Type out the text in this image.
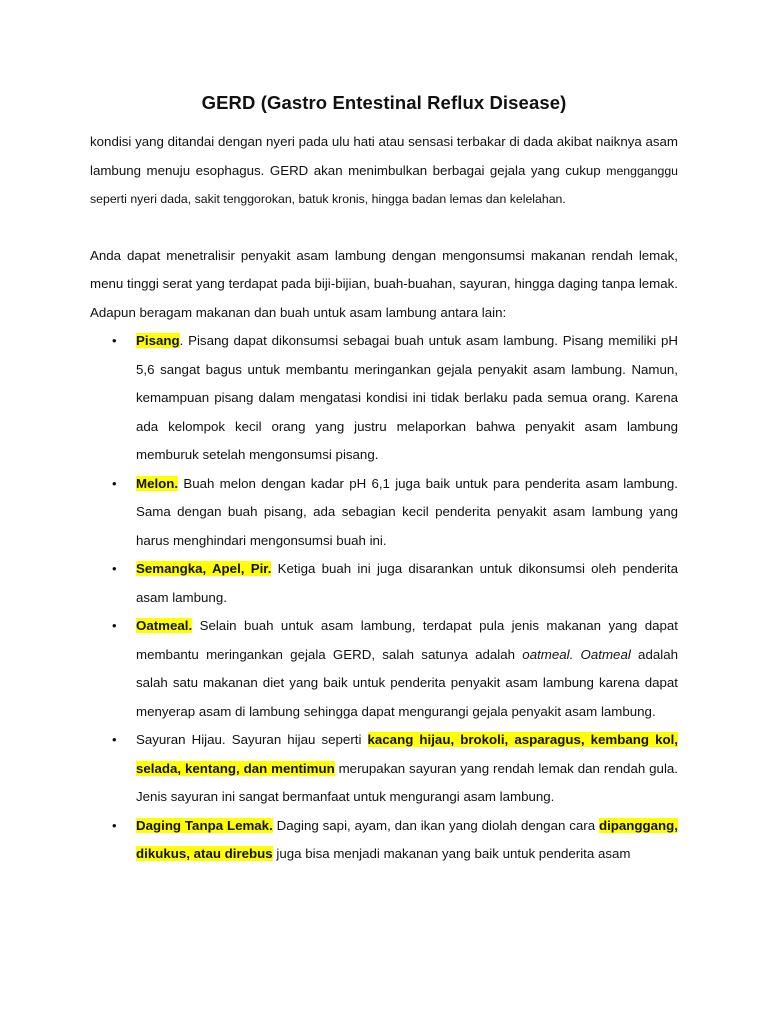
GERD (Gastro Entestinal Reflux Disease)

kondisi yang ditandai dengan nyeri pada ulu hati atau sensasi terbakar di dada akibat naiknya asam lambung menuju esophagus. GERD akan menimbulkan berbagai gejala yang cukup mengganggu seperti nyeri dada, sakit tenggorokan, batuk kronis, hingga badan lemas dan kelelahan.

Anda dapat menetralisir penyakit asam lambung dengan mengonsumsi makanan rendah lemak, menu tinggi serat yang terdapat pada biji-bijian, buah-buahan, sayuran, hingga daging tanpa lemak. Adapun beragam makanan dan buah untuk asam lambung antara lain:

• Pisang. Pisang dapat dikonsumsi sebagai buah untuk asam lambung. Pisang memiliki pH 5,6 sangat bagus untuk membantu meringankan gejala penyakit asam lambung. Namun, kemampuan pisang dalam mengatasi kondisi ini tidak berlaku pada semua orang. Karena ada kelompok kecil orang yang justru melaporkan bahwa penyakit asam lambung memburuk setelah mengonsumsi pisang.
• Melon. Buah melon dengan kadar pH 6,1 juga baik untuk para penderita asam lambung. Sama dengan buah pisang, ada sebagian kecil penderita penyakit asam lambung yang harus menghindari mengonsumsi buah ini.
• Semangka, Apel, Pir. Ketiga buah ini juga disarankan untuk dikonsumsi oleh penderita asam lambung.
• Oatmeal. Selain buah untuk asam lambung, terdapat pula jenis makanan yang dapat membantu meringankan gejala GERD, salah satunya adalah oatmeal. Oatmeal adalah salah satu makanan diet yang baik untuk penderita penyakit asam lambung karena dapat menyerap asam di lambung sehingga dapat mengurangi gejala penyakit asam lambung.
• Sayuran Hijau. Sayuran hijau seperti kacang hijau, brokoli, asparagus, kembang kol, selada, kentang, dan mentimun merupakan sayuran yang rendah lemak dan rendah gula. Jenis sayuran ini sangat bermanfaat untuk mengurangi asam lambung.
• Daging Tanpa Lemak. Daging sapi, ayam, dan ikan yang diolah dengan cara dipanggang, dikukus, atau direbus juga bisa menjadi makanan yang baik untuk penderita asam
